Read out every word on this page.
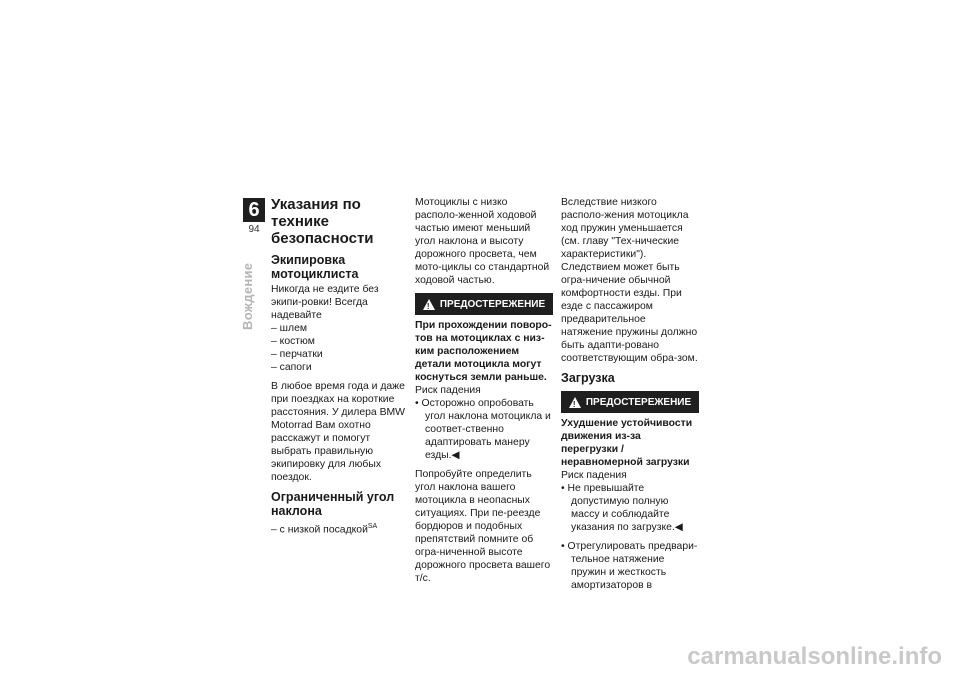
6
94
Вождение
Указания по технике безопасности
Экипировка мотоциклиста

Никогда не ездите без экипи-ровки! Всегда надевайте

– шлем
– костюм
– перчатки
– сапоги

В любое время года и даже при поездках на короткие расстояния. У дилера BMW Motorrad Вам охотно расскажут и помогут выбрать правильную экипировку для любых поездок.

Ограниченный угол наклона

– с низкой посадкой$^{SA}$

Мотоциклы с низко располо-женной ходовой частью имеют меньший угол наклона и высоту дорожного просвета, чем мото-циклы со стандартной ходовой частью.

! ПРЕДОСТЕРЕЖЕНИЕ

При прохождении поворо-тов на мотоциклах с низ-ким расположением детали мотоцикла могут коснуться земли раньше.

Риск падения

• Осторожно опробовать угол наклона мотоцикла и соответ-ственно адаптировать манеру езды.◀

Попробуйте определить угол наклона вашего мотоцикла в неопасных ситуациях. При пе-реезде бордюров и подобных препятствий помните об огра-ниченной высоте дорожного просвета вашего т/с.

Вследствие низкого располо-жения мотоцикла ход пружин уменьшается (см. главу "Тех-нические характеристики"). Следствием может быть огра-ничение обычной комфортности езды. При езде с пассажиром предварительное натяжение пружины должно быть адапти-ровано соответствующим обра-зом.

Загрузка
! ПРЕДОСТЕРЕЖЕНИЕ

Ухудшение устойчивости движения из-за перегрузки / неравномерной загрузки

Риск падения

• Не превышайте допустимую полную массу и соблюдайте указания по загрузке.◀
• Отрегулировать предвари-тельное натяжение пружин и жесткость амортизаторов в
carmanualsonline.info
